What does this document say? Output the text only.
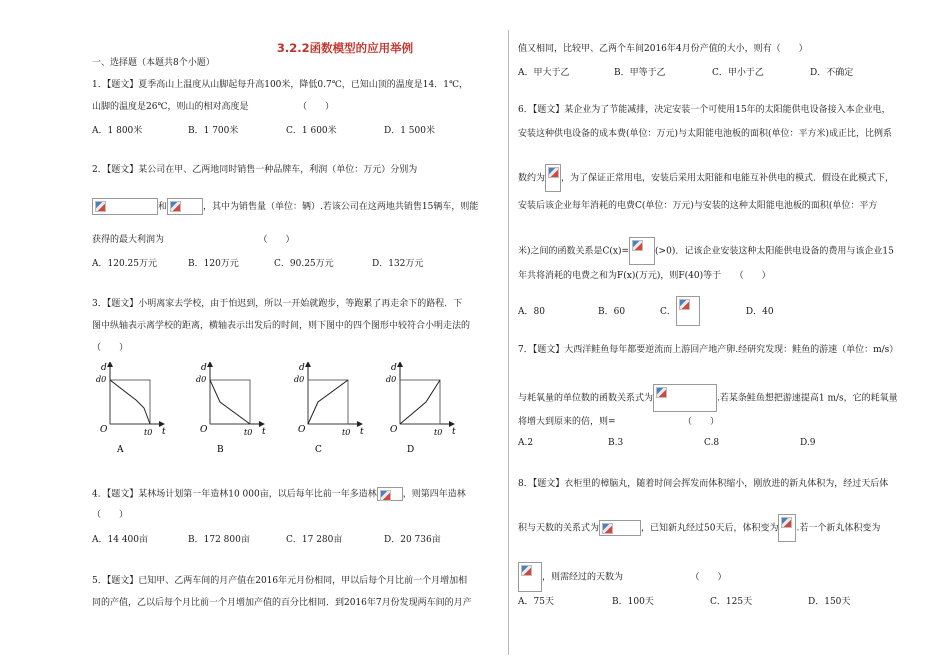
3.2.2函数模型的应用举例
一、选择题（本题共8个小题）
1．【题文】夏季高山上温度从山脚起每升高100米，降低0.7℃，已知山顶的温度是14．1℃，
山脚的温度是26℃，则山的相对高度是　　　　　　（　　）
A．1 800米	B．1 700米	C．1 600米	D．1 500米
2．【题文】某公司在甲、乙两地同时销售一种品牌车，利润（单位：万元）分别为
和	，其中为销售量（单位：辆）.若该公司在这两地共销售15辆车，则能
获得的最大利润为　　　　　　　　　　　（　　）
A．120.25万元	B．120万元	C．90.25万元	D．132万元
3．【题文】小明离家去学校，由于怕迟到，所以一开始就跑步，等跑累了再走余下的路程．下
图中纵轴表示离学校的距离，横轴表示出发后的时间，则下图中的四个图形中较符合小明走法的
（　　）
d
d0
O	t0 t
A
d
d0
O	t0 t
B
d
d0
O	t0 t
C
d
d0
O	t0 t
D
4．【题文】某林场计划第一年造林10 000亩，以后每年比前一年多造林	，则第四年造林
（　　）
A．14 400亩	B．172 800亩	C．17 280亩	D．20 736亩
5．【题文】已知甲、乙两车间的月产值在2016年元月份相同，甲以后每个月比前一个月增加相
同的产值，乙以后每个月比前一个月增加产值的百分比相同．到2016年7月份发现两车间的月产
值又相同，比较甲、乙两个车间2016年4月份产值的大小，则有（　　）
A．甲大于乙	B．甲等于乙	C．甲小于乙	D．不确定
6．【题文】某企业为了节能减排，决定安装一个可使用15年的太阳能供电设备接入本企业电，
安装这种供电设备的成本费(单位：万元)与太阳能电池板的面积(单位：平方米)成正比，比例系
数约为 ，为了保证正常用电，安装后采用太阳能和电能互补供电的模式．假设在此模式下，
安装后该企业每年消耗的电费C(单位：万元)与安装的这种太阳能电池板的面积(单位：平方
米)之间的函数关系是C(x)=	(>0)．记该企业安装这种太阳能供电设备的费用与该企业15
年共将消耗的电费之和为F(x)(万元)，则F(40)等于　　（　　）
A．80	B．60	C．	D．40
7．【题文】大西洋鲑鱼每年都要逆流而上游回产地产卵.经研究发现：鲑鱼的游速（单位：m/s）
与耗氧量的单位数的函数关系式为	.若某条鲑鱼想把游速提高1 m/s，它的耗氧量
将增大到原来的倍，则=　　　　　　　　（　　）
A.2	B.3	C.8	D.9
8．【题文】衣柜里的樟脑丸，随着时间会挥发而体积缩小，刚放进的新丸体积为，经过天后体
积与天数的关系式为	，已知新丸经过50天后，体积变为 .若一个新丸体积变为
，则需经过的天数为　　　　　　　　（　　）
A．75天	B．100天	C．125天	D．150天
